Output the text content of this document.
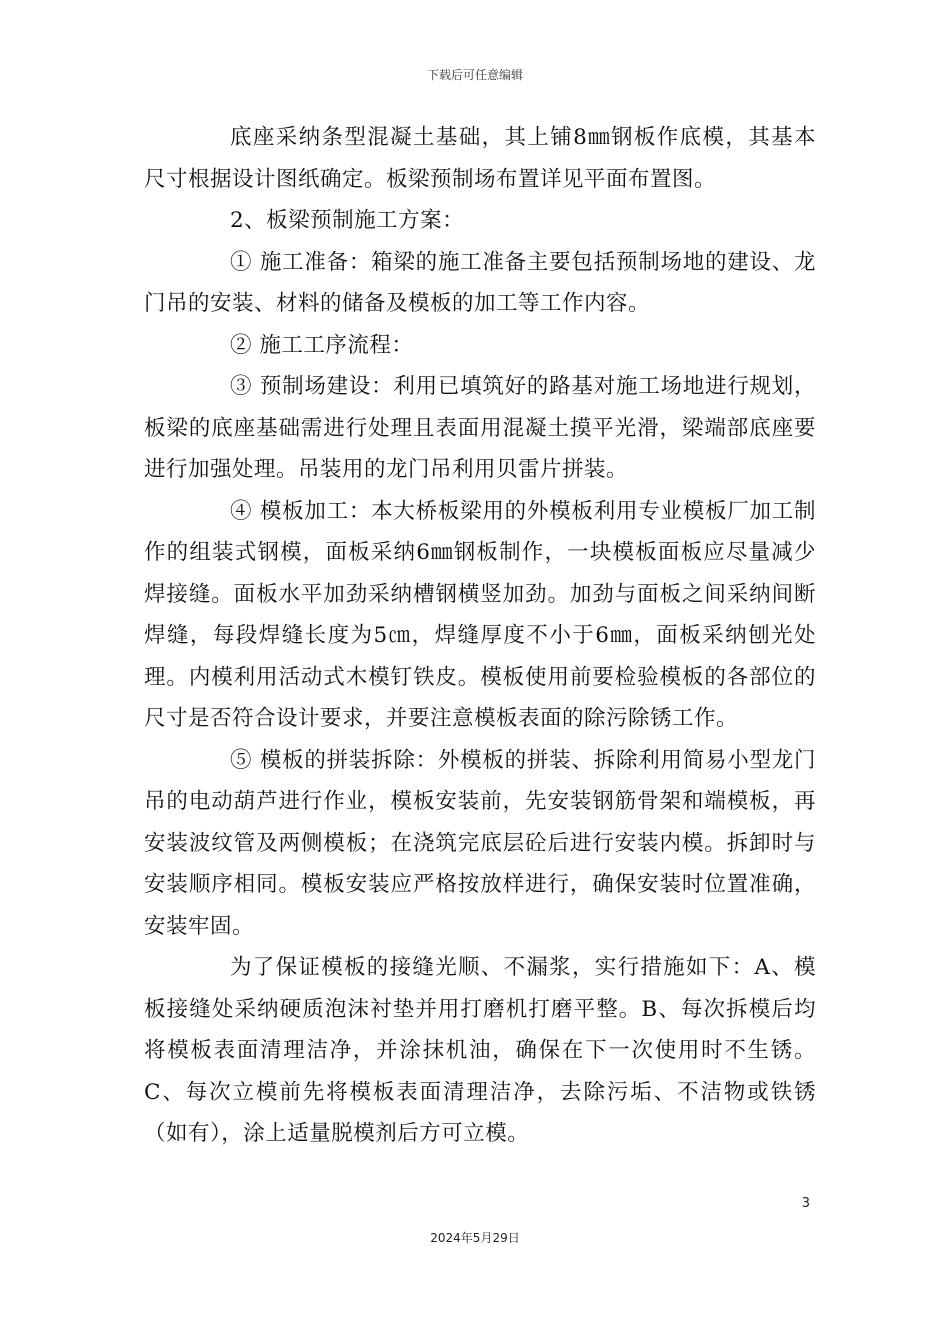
下载后可任意编辑

底座采纳条型混凝土基础，其上铺8㎜钢板作底模，其基本尺寸根据设计图纸确定。板梁预制场布置详见平面布置图。

2、板梁预制施工方案：

① 施工准备：箱梁的施工准备主要包括预制场地的建设、龙门吊的安装、材料的储备及模板的加工等工作内容。

② 施工工序流程：

③ 预制场建设：利用已填筑好的路基对施工场地进行规划，板梁的底座基础需进行处理且表面用混凝土摸平光滑，梁端部底座要进行加强处理。吊装用的龙门吊利用贝雷片拼装。

④ 模板加工：本大桥板梁用的外模板利用专业模板厂加工制作的组装式钢模，面板采纳6㎜钢板制作，一块模板面板应尽量减少焊接缝。面板水平加劲采纳槽钢横竖加劲。加劲与面板之间采纳间断焊缝，每段焊缝长度为5㎝，焊缝厚度不小于6㎜，面板采纳刨光处理。内模利用活动式木模钉铁皮。模板使用前要检验模板的各部位的尺寸是否符合设计要求，并要注意模板表面的除污除锈工作。

⑤ 模板的拼装拆除：外模板的拼装、拆除利用简易小型龙门吊的电动葫芦进行作业，模板安装前，先安装钢筋骨架和端模板，再安装波纹管及两侧模板；在浇筑完底层砼后进行安装内模。拆卸时与安装顺序相同。模板安装应严格按放样进行，确保安装时位置准确，安装牢固。

为了保证模板的接缝光顺、不漏浆，实行措施如下：A、模板接缝处采纳硬质泡沫衬垫并用打磨机打磨平整。B、每次拆模后均将模板表面清理洁净，并涂抹机油，确保在下一次使用时不生锈。C、每次立模前先将模板表面清理洁净，去除污垢、不洁物或铁锈（如有），涂上适量脱模剂后方可立模。

3
2024年5月29日
